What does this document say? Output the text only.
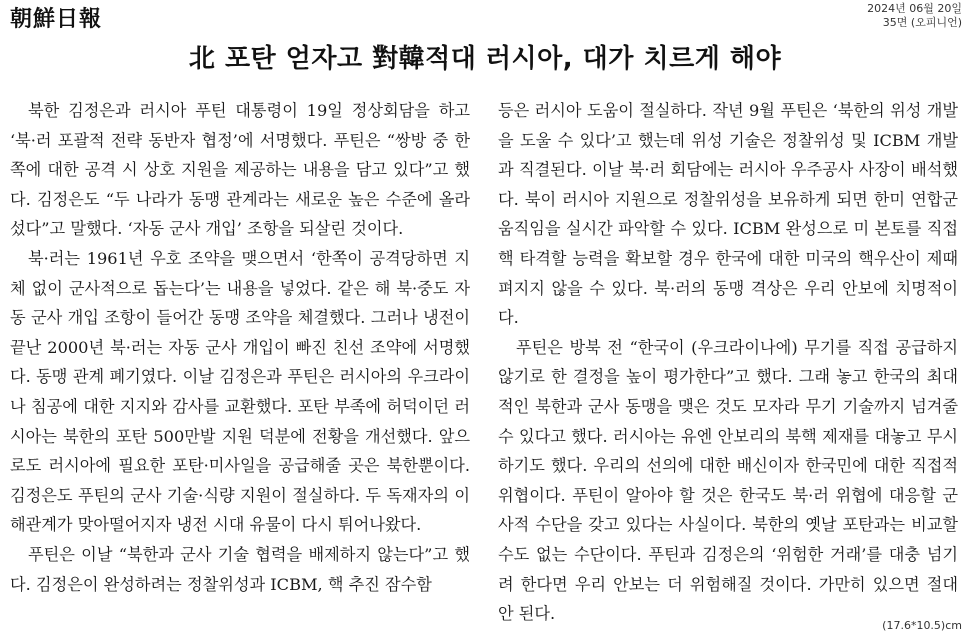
朝鮮日報	2024년 06월 20일
35면 (오피니언)
北 포탄 얻자고 對韓적대 러시아, 대가 치르게 해야

북한 김정은과 러시아 푸틴 대통령이 19일 정상회담을 하고 ‘북·러 포괄적 전략 동반자 협정’에 서명했다. 푸틴은 “쌍방 중 한쪽에 대한 공격 시 상호 지원을 제공하는 내용을 담고 있다”고 했다. 김정은도 “두 나라가 동맹 관계라는 새로운 높은 수준에 올라섰다”고 말했다. ‘자동 군사 개입’ 조항을 되살린 것이다.

북·러는 1961년 우호 조약을 맺으면서 ‘한쪽이 공격당하면 지체 없이 군사적으로 돕는다’는 내용을 넣었다. 같은 해 북·중도 자동 군사 개입 조항이 들어간 동맹 조약을 체결했다. 그러나 냉전이 끝난 2000년 북·러는 자동 군사 개입이 빠진 친선 조약에 서명했다. 동맹 관계 폐기였다. 이날 김정은과 푸틴은 러시아의 우크라이나 침공에 대한 지지와 감사를 교환했다. 포탄 부족에 허덕이던 러시아는 북한의 포탄 500만발 지원 덕분에 전황을 개선했다. 앞으로도 러시아에 필요한 포탄·미사일을 공급해줄 곳은 북한뿐이다. 김정은도 푸틴의 군사 기술·식량 지원이 절실하다. 두 독재자의 이해관계가 맞아떨어지자 냉전 시대 유물이 다시 튀어나왔다.

푸틴은 이날 “북한과 군사 기술 협력을 배제하지 않는다”고 했다. 김정은이 완성하려는 정찰위성과 ICBM, 핵 추진 잠수함

등은 러시아 도움이 절실하다. 작년 9월 푸틴은 ‘북한의 위성 개발을 도울 수 있다’고 했는데 위성 기술은 정찰위성 및 ICBM 개발과 직결된다. 이날 북·러 회담에는 러시아 우주공사 사장이 배석했다. 북이 러시아 지원으로 정찰위성을 보유하게 되면 한미 연합군 움직임을 실시간 파악할 수 있다. ICBM 완성으로 미 본토를 직접 핵 타격할 능력을 확보할 경우 한국에 대한 미국의 핵우산이 제때 펴지지 않을 수 있다. 북·러의 동맹 격상은 우리 안보에 치명적이다.

푸틴은 방북 전 “한국이 (우크라이나에) 무기를 직접 공급하지 않기로 한 결정을 높이 평가한다”고 했다. 그래 놓고 한국의 최대 적인 북한과 군사 동맹을 맺은 것도 모자라 무기 기술까지 넘겨줄 수 있다고 했다. 러시아는 유엔 안보리의 북핵 제재를 대놓고 무시하기도 했다. 우리의 선의에 대한 배신이자 한국민에 대한 직접적 위협이다. 푸틴이 알아야 할 것은 한국도 북·러 위협에 대응할 군사적 수단을 갖고 있다는 사실이다. 북한의 옛날 포탄과는 비교할 수도 없는 수단이다. 푸틴과 김정은의 ‘위험한 거래’를 대충 넘기려 한다면 우리 안보는 더 위험해질 것이다. 가만히 있으면 절대 안 된다.

(17.6*10.5)cm
